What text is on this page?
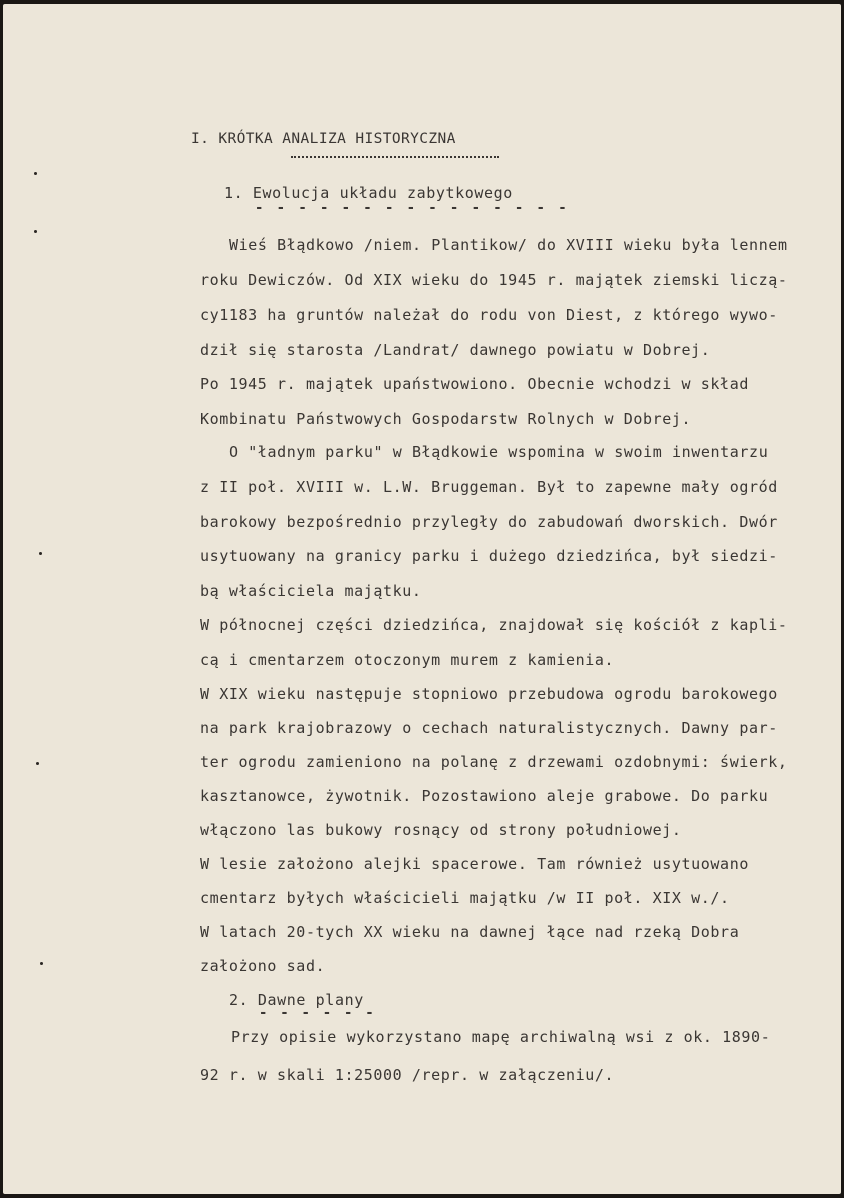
I. KRÓTKA ANALIZA HISTORYCZNA
1. Ewolucja układu zabytkowego
- - - - - - - - - - - - - - -
Wieś Błądkowo /niem. Plantikow/ do XVIII wieku była lennem
roku Dewiczów. Od XIX wieku do 1945 r. majątek ziemski liczą-
cy1183 ha gruntów należał do rodu von Diest, z którego wywo-
dził się starosta /Landrat/ dawnego powiatu w Dobrej.
Po 1945 r. majątek upaństwowiono. Obecnie wchodzi w skład
Kombinatu Państwowych Gospodarstw Rolnych w Dobrej.
O "ładnym parku" w Błądkowie wspomina w swoim inwentarzu
z II poł. XVIII w. L.W. Bruggeman. Był to zapewne mały ogród
barokowy bezpośrednio przyległy do zabudowań dworskich. Dwór
usytuowany na granicy parku i dużego dziedzińca, był siedzi-
bą właściciela majątku.
W północnej części dziedzińca, znajdował się kościół z kapli-
cą i cmentarzem otoczonym murem z kamienia.
W XIX wieku następuje stopniowo przebudowa ogrodu barokowego
na park krajobrazowy o cechach naturalistycznych. Dawny par-
ter ogrodu zamieniono na polanę z drzewami ozdobnymi: świerk,
kasztanowce, żywotnik. Pozostawiono aleje grabowe. Do parku
włączono las bukowy rosnący od strony południowej.
W lesie założono alejki spacerowe. Tam również usytuowano
cmentarz byłych właścicieli majątku /w II poł. XIX w./.
W latach 20-tych XX wieku na dawnej łące nad rzeką Dobra
założono sad.
2. Dawne plany
- - - - - -
Przy opisie wykorzystano mapę archiwalną wsi z ok. 1890-
92 r. w skali 1:25000 /repr. w załączeniu/.
